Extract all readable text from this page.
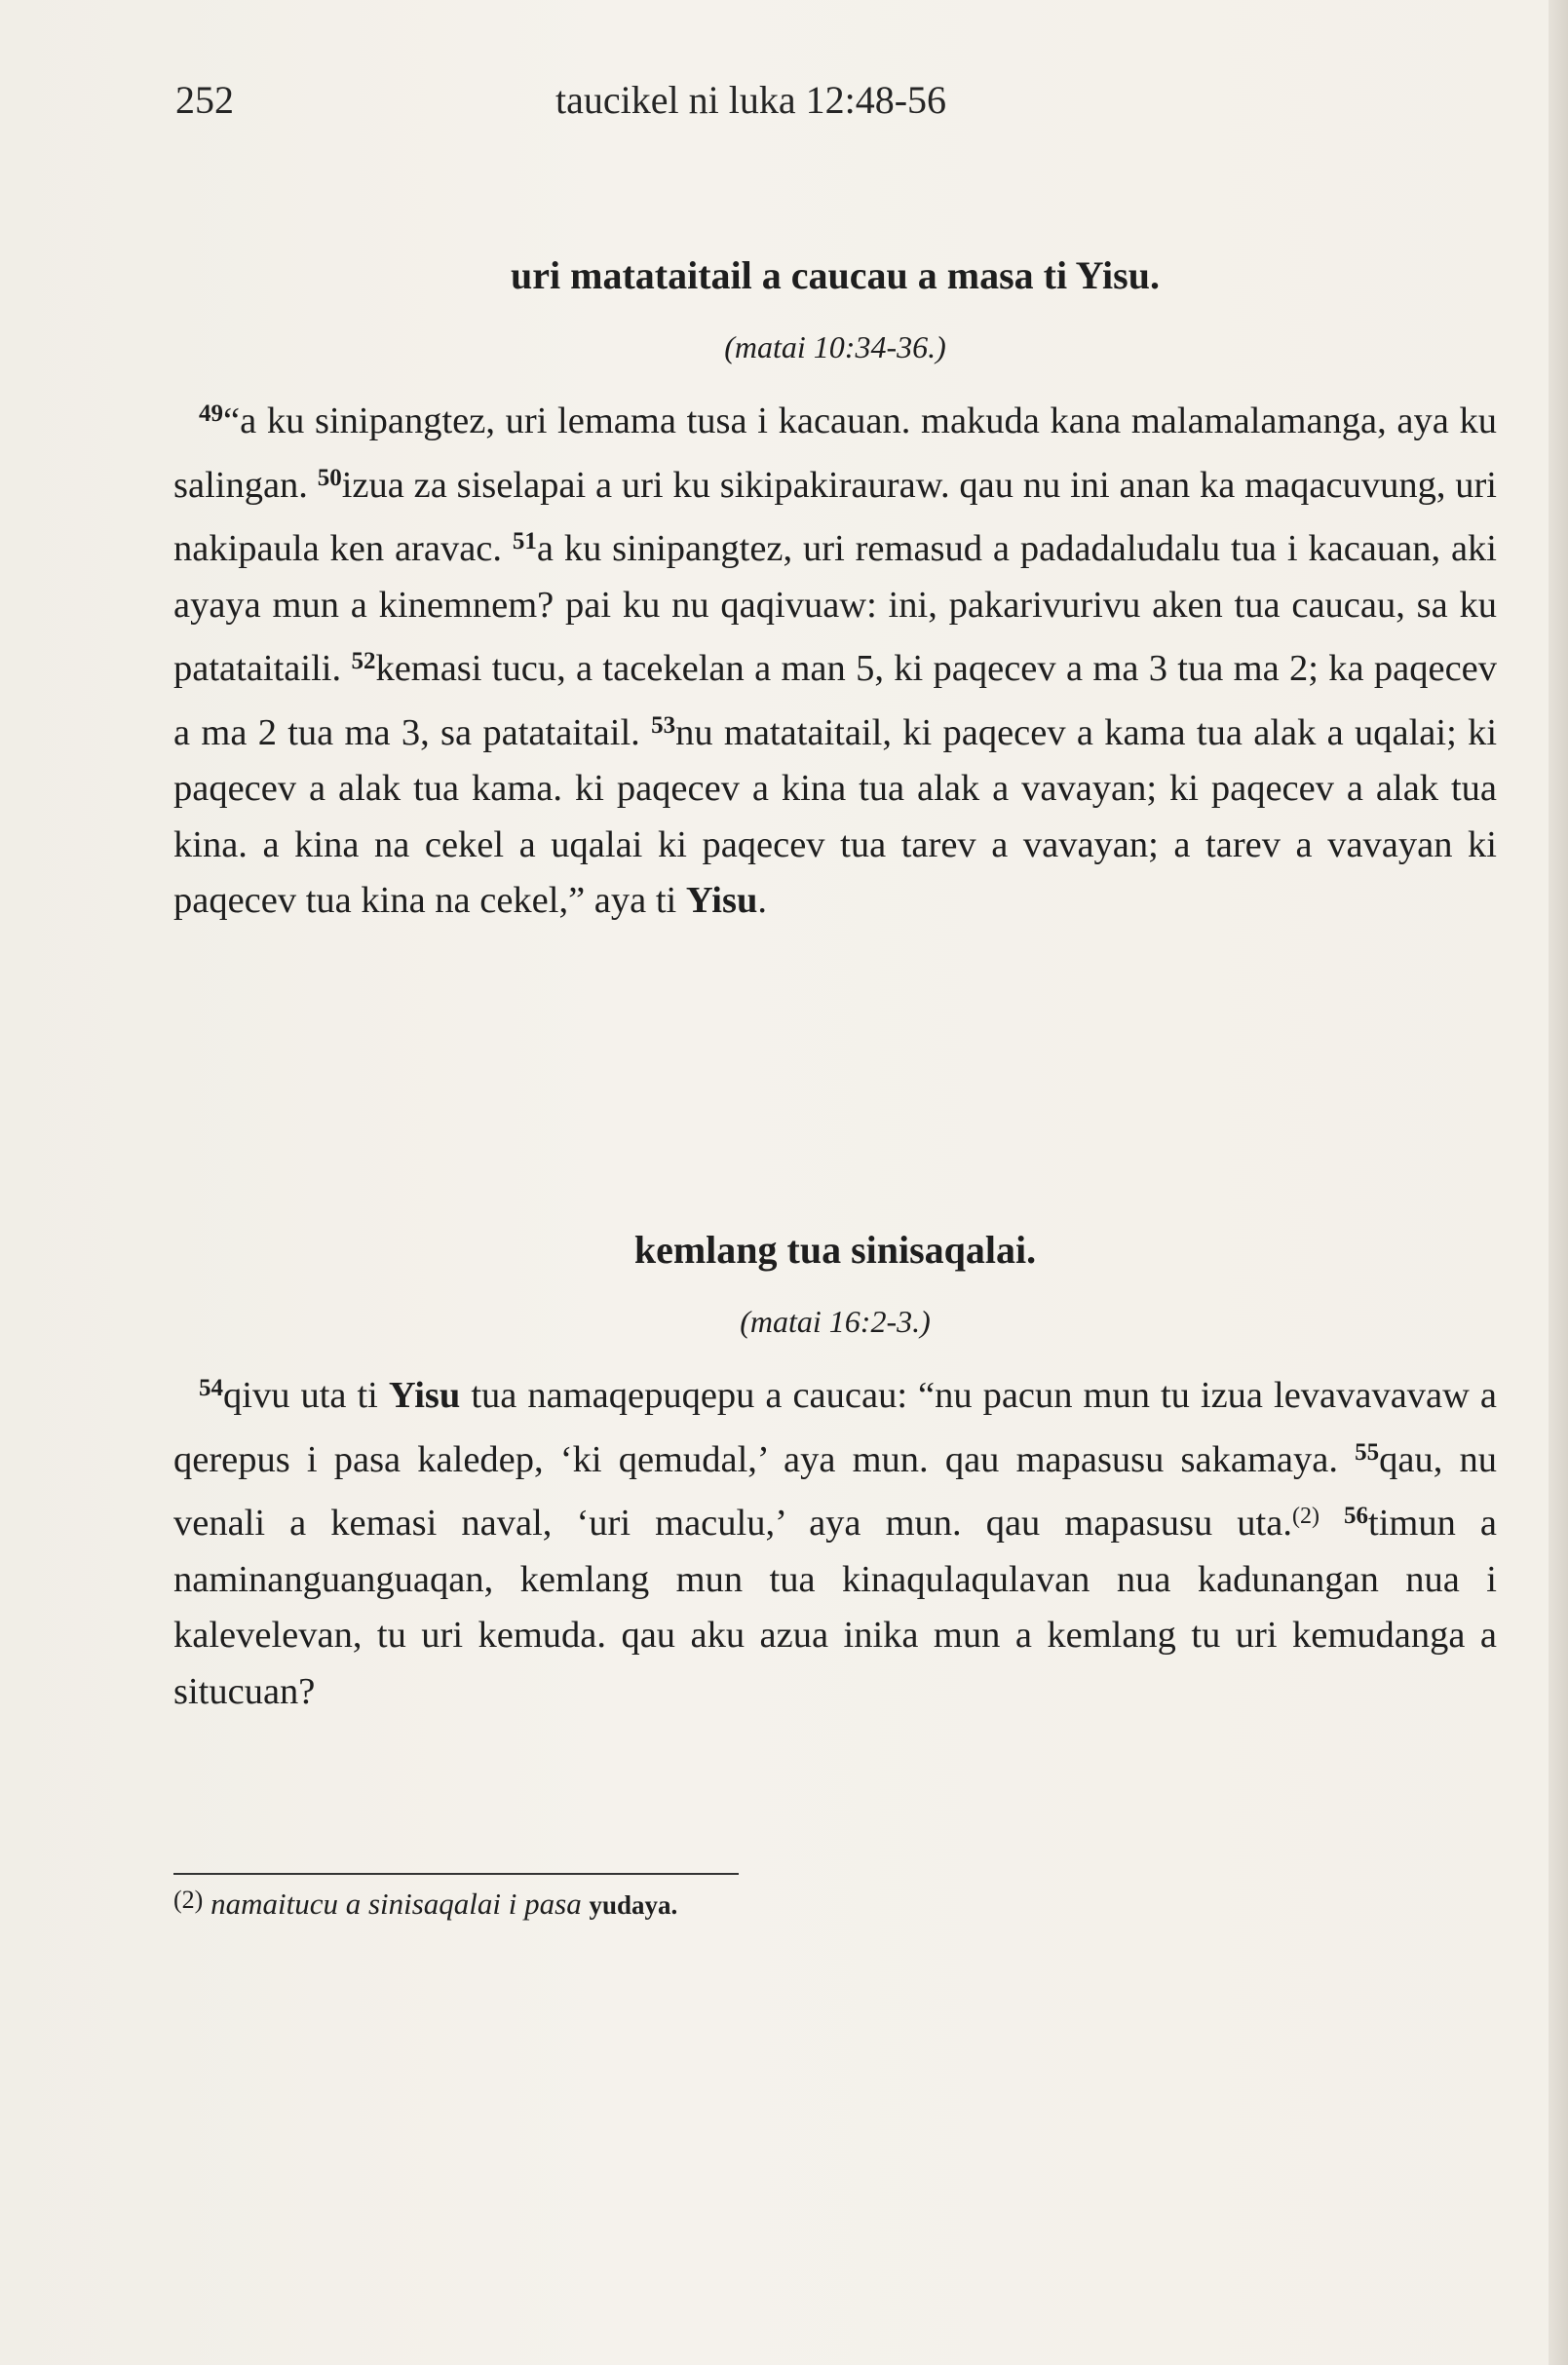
252	taucikel ni luka 12:48-56

uri matataitail a caucau a masa ti Yisu.

(matai 10:34-36.)

$^{49}$“a ku sinipangtez, uri lemama tusa i kacauan. makuda kana malamalamanga, aya ku salingan. $^{50}$izua za siselapai a uri ku sikipakirauraw. qau nu ini anan ka maqacuvung, uri nakipaula ken aravac. $^{51}$a ku sinipangtez, uri remasud a padadaludalu tua i kacauan, aki ayaya mun a kinemnem? pai ku nu qaqivuaw: ini, pakarivurivu aken tua caucau, sa ku patataitaili. $^{52}$kemasi tucu, a tacekelan a man 5, ki paqecev a ma 3 tua ma 2; ka paqecev a ma 2 tua ma 3, sa patataitail. $^{53}$nu matataitail, ki paqecev a kama tua alak a uqalai; ki paqecev a alak tua kama. ki paqecev a kina tua alak a vavayan; ki paqecev a alak tua kina. a kina na cekel a uqalai ki paqecev tua tarev a vavayan; a tarev a vavayan ki paqecev tua kina na cekel,” aya ti Yisu.

kemlang tua sinisaqalai.

(matai 16:2-3.)

$^{54}$qivu uta ti Yisu tua namaqepuqepu a caucau: “nu pacun mun tu izua levavavavaw a qerepus i pasa kaledep, ‘ki qemudal,’ aya mun. qau mapasusu sakamaya. $^{55}$qau, nu venali a kemasi naval, ‘uri maculu,’ aya mun. qau mapasusu uta.$^{(2)}$ $^{56}$timun a naminanguanguaqan, kemlang mun tua kinaqulaqulavan nua kadunangan nua i kalevelevan, tu uri kemuda. qau aku azua inika mun a kemlang tu uri kemudanga a situcuan?

(2) namaitucu a sinisaqalai i pasa yudaya.
